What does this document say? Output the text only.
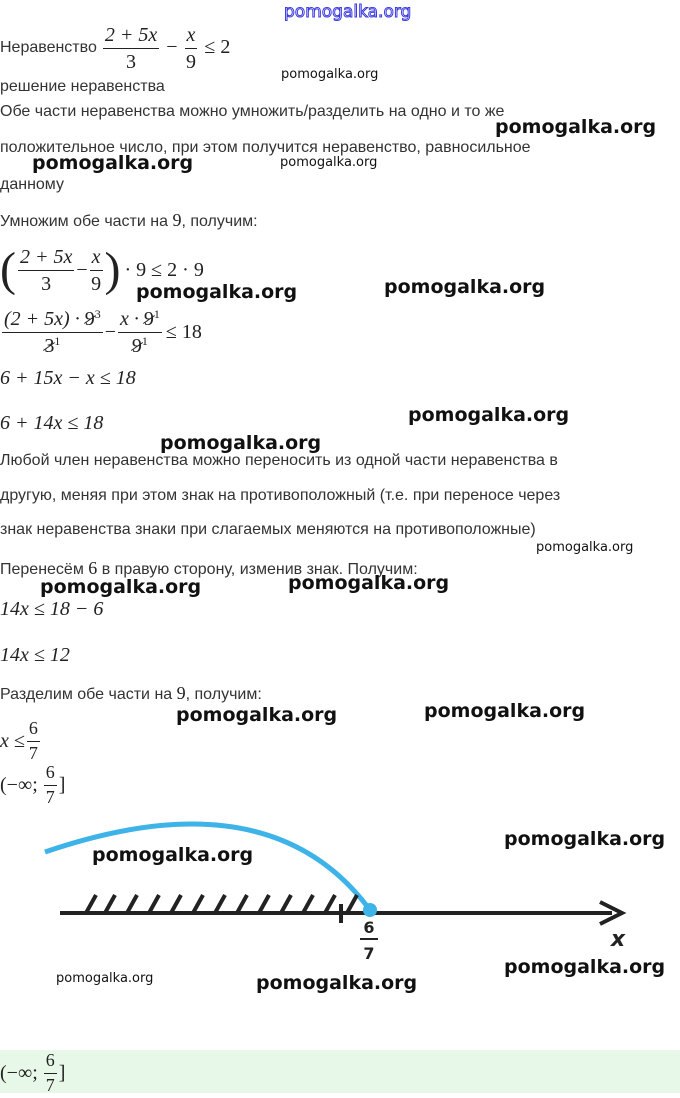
pomogalka.org
Неравенство $\frac{2 + 5x}{3} - \frac{x}{9} \le 2$
решение неравенства
pomogalka.org
Обе части неравенства можно умножить/разделить на одно и то же
положительное число, при этом получится неравенство, равносильное
данному
pomogalka.org
pomogalka.org	pomogalka.org
Умножим обе части на 9, получим:
( $\frac{2 + 5x}{3} - \frac{x}{9}$ ) · 9 ≤ 2 · 9
pomogalka.org	pomogalka.org
$\frac{(2 + 5x) \cdot 9^3}{3^1} - \frac{x \cdot 9^1}{9^1} \le 18$
6 + 15x − x ≤ 18
6 + 14x ≤ 18	pomogalka.org
pomogalka.org
Любой член неравенства можно переносить из одной части неравенства в
другую, меняя при этом знак на противоположный (т.е. при переносе через
знак неравенства знаки при слагаемых меняются на противоположные)
pomogalka.org
Перенесём 6 в правую сторону, изменив знак. Получим:
pomogalka.org	pomogalka.org
14x ≤ 18 − 6
14x ≤ 12
Разделим обе части на 9, получим:
pomogalka.org	pomogalka.org
$x \le \frac{6}{7}$
(−∞; $\frac{6}{7}$ ]
6
7
x
pomogalka.org
pomogalka.org
pomogalka.org
pomogalka.org	pomogalka.org
(−∞; $\frac{6}{7}$ ]
